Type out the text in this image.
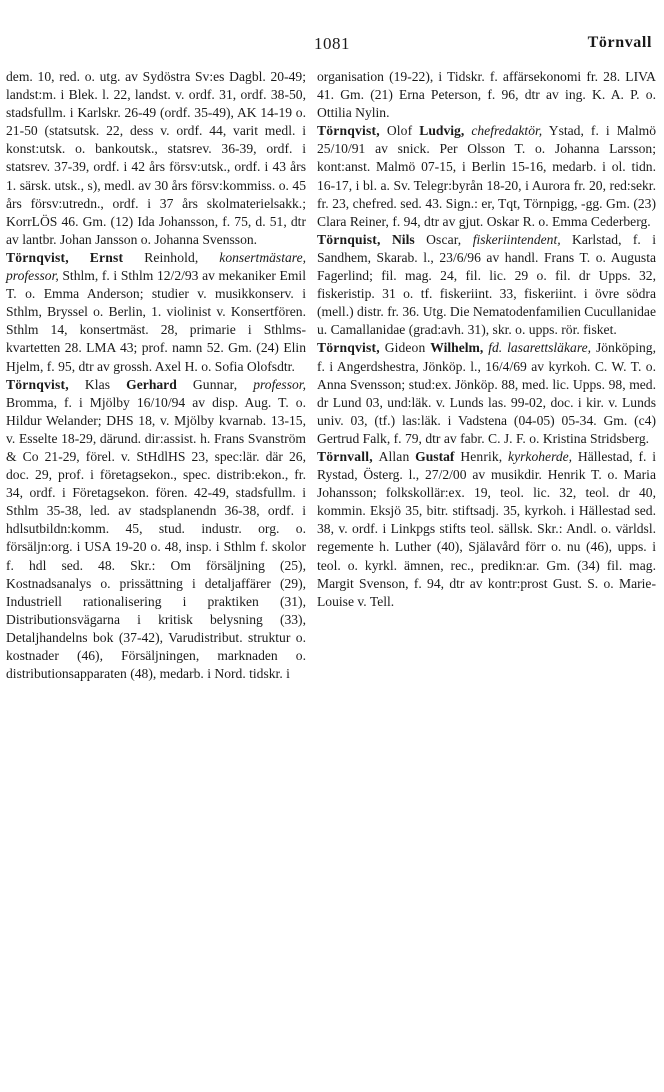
1081	Törnvall

dem. 10, red. o. utg. av Sydöstra Sv:es Dagbl. 20-49; landst:m. i Blek. l. 22, landst. v. ordf. 31, ordf. 38-50, stadsfullm. i Karlskr. 26-49 (ordf. 35-49), AK 14-19 o. 21-50 (statsutsk. 22, dess v. ordf. 44, varit medl. i konst:utsk. o. bankoutsk., statsrev. 36-39, ordf. i statsrev. 37-39, ordf. i 42 års försv:utsk., ordf. i 43 års 1. särsk. utsk., s), medl. av 30 års försv:kommiss. o. 45 års försv:utredn., ordf. i 37 års skolmaterielsakk.; KorrLÖS 46. Gm. (12) Ida Johansson, f. 75, d. 51, dtr av lantbr. Johan Jansson o. Johanna Svensson.

Törnqvist, Ernst Reinhold, konsertmästare, professor, Sthlm, f. i Sthlm 12/2/93 av mekaniker Emil T. o. Emma Anderson; studier v. musikkonserv. i Sthlm, Bryssel o. Berlin, 1. violinist v. Konsertfören. Sthlm 14, konsertmäst. 28, primarie i Sthlms-kvartetten 28. LMA 43; prof. namn 52. Gm. (24) Elin Hjelm, f. 95, dtr av grossh. Axel H. o. Sofia Olofsdtr.

Törnqvist, Klas Gerhard Gunnar, professor, Bromma, f. i Mjölby 16/10/94 av disp. Aug. T. o. Hildur Welander; DHS 18, v. Mjölby kvarnab. 13-15, v. Esselte 18-29, därund. dir:assist. h. Frans Svanström & Co 21-29, förel. v. StHdlHS 23, spec:lär. där 26, doc. 29, prof. i företagsekon., spec. distrib:ekon., fr. 34, ordf. i Företagsekon. fören. 42-49, stadsfullm. i Sthlm 35-38, led. av stadsplanendn 36-38, ordf. i hdlsutbildn:komm. 45, stud. industr. org. o. försäljn:org. i USA 19-20 o. 48, insp. i Sthlm f. skolor f. hdl sed. 48. Skr.: Om försäljning (25), Kostnadsanalys o. prissättning i detaljaffärer (29), Industriell rationalisering i praktiken (31), Distributionsvägarna i kritisk belysning (33), Detaljhandelns bok (37-42), Varudistribut. struktur o. kostnader (46), Försäljningen, marknaden o. distributionsapparaten (48), medarb. i Nord. tidskr. i

organisation (19-22), i Tidskr. f. affärsekonomi fr. 28. LIVA 41. Gm. (21) Erna Peterson, f. 96, dtr av ing. K. A. P. o. Ottilia Nylin.

Törnqvist, Olof Ludvig, chefredaktör, Ystad, f. i Malmö 25/10/91 av snick. Per Olsson T. o. Johanna Larsson; kont:anst. Malmö 07-15, i Berlin 15-16, medarb. i ol. tidn. 16-17, i bl. a. Sv. Telegr:byrån 18-20, i Aurora fr. 20, red:sekr. fr. 23, chefred. sed. 43. Sign.: er, Tqt, Törnpigg, -gg. Gm. (23) Clara Reiner, f. 94, dtr av gjut. Oskar R. o. Emma Cederberg.

Törnquist, Nils Oscar, fiskeriintendent, Karlstad, f. i Sandhem, Skarab. l., 23/6/96 av handl. Frans T. o. Augusta Fagerlind; fil. mag. 24, fil. lic. 29 o. fil. dr Upps. 32, fiskeristip. 31 o. tf. fiskeriint. 33, fiskeriint. i övre södra (mell.) distr. fr. 36. Utg. Die Nematodenfamilien Cucullanidae u. Camallanidae (grad:avh. 31), skr. o. upps. rör. fisket.

Törnqvist, Gideon Wilhelm, fd. lasarettsläkare, Jönköping, f. i Angerdshestra, Jönköp. l., 16/4/69 av kyrkoh. C. W. T. o. Anna Svensson; stud:ex. Jönköp. 88, med. lic. Upps. 98, med. dr Lund 03, und:läk. v. Lunds las. 99-02, doc. i kir. v. Lunds univ. 03, (tf.) las:läk. i Vadstena (04-05) 05-34. Gm. (c4) Gertrud Falk, f. 79, dtr av fabr. C. J. F. o. Kristina Stridsberg.

Törnvall, Allan Gustaf Henrik, kyrkoherde, Hällestad, f. i Rystad, Österg. l., 27/2/00 av musikdir. Henrik T. o. Maria Johansson; folkskollär:ex. 19, teol. lic. 32, teol. dr 40, kommin. Eksjö 35, bitr. stiftsadj. 35, kyrkoh. i Hällestad sed. 38, v. ordf. i Linkpgs stifts teol. sällsk. Skr.: Andl. o. världsl. regemente h. Luther (40), Själavård förr o. nu (46), upps. i teol. o. kyrkl. ämnen, rec., predikn:ar. Gm. (34) fil. mag. Margit Svenson, f. 94, dtr av kontr:prost Gust. S. o. Marie-Louise v. Tell.
